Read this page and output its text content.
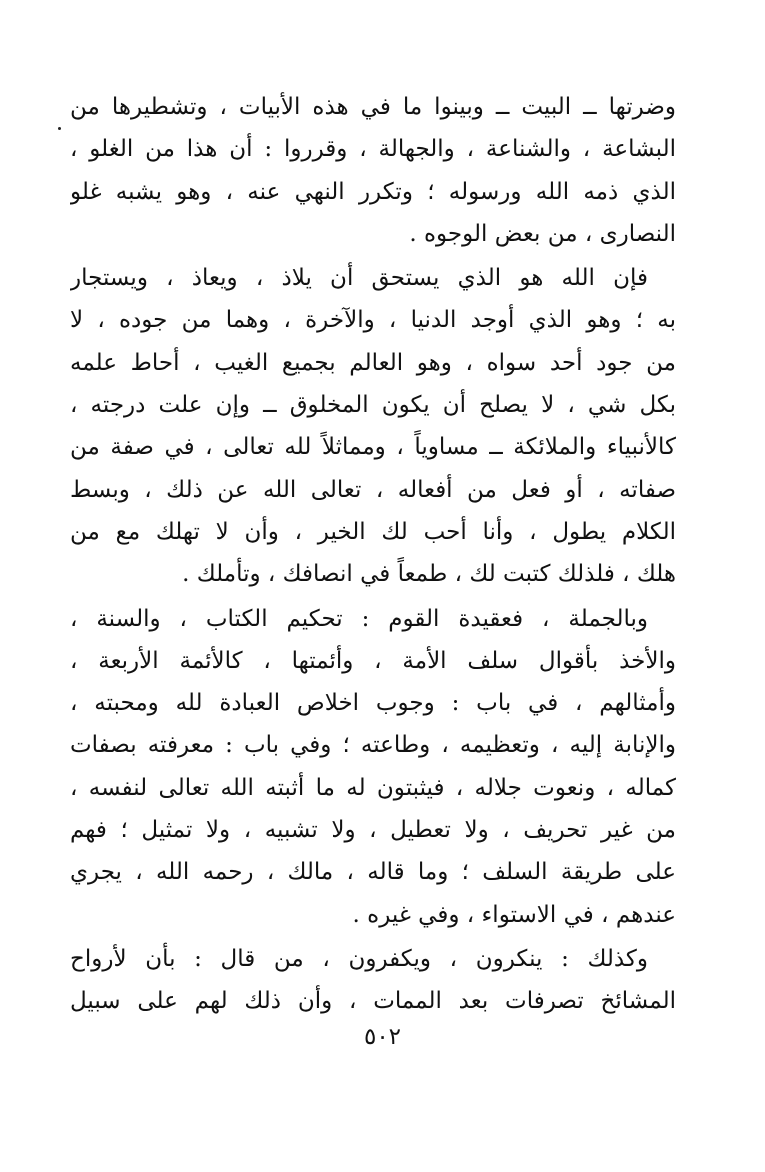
وضرتها ــ البيت ــ وبينوا ما في هذه الأبيات ، وتشطيرها من
البشاعة ، والشناعة ، والجهالة ، وقرروا : أن هذا من الغلو ،
الذي ذمه الله ورسوله ؛ وتكرر النهي عنه ، وهو يشبه غلو
النصارى ، من بعض الوجوه .
فإن الله هو الذي يستحق أن يلاذ ، ويعاذ ، ويستجار
به ؛ وهو الذي أوجد الدنيا ، والآخرة ، وهما من جوده ، لا
من جود أحد سواه ، وهو العالم بجميع الغيب ، أحاط علمه
بكل شي ، لا يصلح أن يكون المخلوق ــ وإن علت درجته ،
كالأنبياء والملائكة ــ مساوياً ، ومماثلاً لله تعالى ، في صفة من
صفاته ، أو فعل من أفعاله ، تعالى الله عن ذلك ، وبسط
الكلام يطول ، وأنا أحب لك الخير ، وأن لا تهلك مع من
هلك ، فلذلك كتبت لك ، طمعاً في انصافك ، وتأملك .
وبالجملة ، فعقيدة القوم : تحكيم الكتاب ، والسنة ،
والأخذ بأقوال سلف الأمة ، وأئمتها ، كالأئمة الأربعة ،
وأمثالهم ، في باب : وجوب اخلاص العبادة لله ومحبته ،
والإنابة إليه ، وتعظيمه ، وطاعته ؛ وفي باب : معرفته بصفات
كماله ، ونعوت جلاله ، فيثبتون له ما أثبته الله تعالى لنفسه ،
من غير تحريف ، ولا تعطيل ، ولا تشبيه ، ولا تمثيل ؛ فهم
على طريقة السلف ؛ وما قاله ، مالك ، رحمه الله ، يجري
عندهم ، في الاستواء ، وفي غيره .
وكذلك : ينكرون ، ويكفرون ، من قال : بأن لأرواح
المشائخ تصرفات بعد الممات ، وأن ذلك لهم على سبيل
٥٠٢
